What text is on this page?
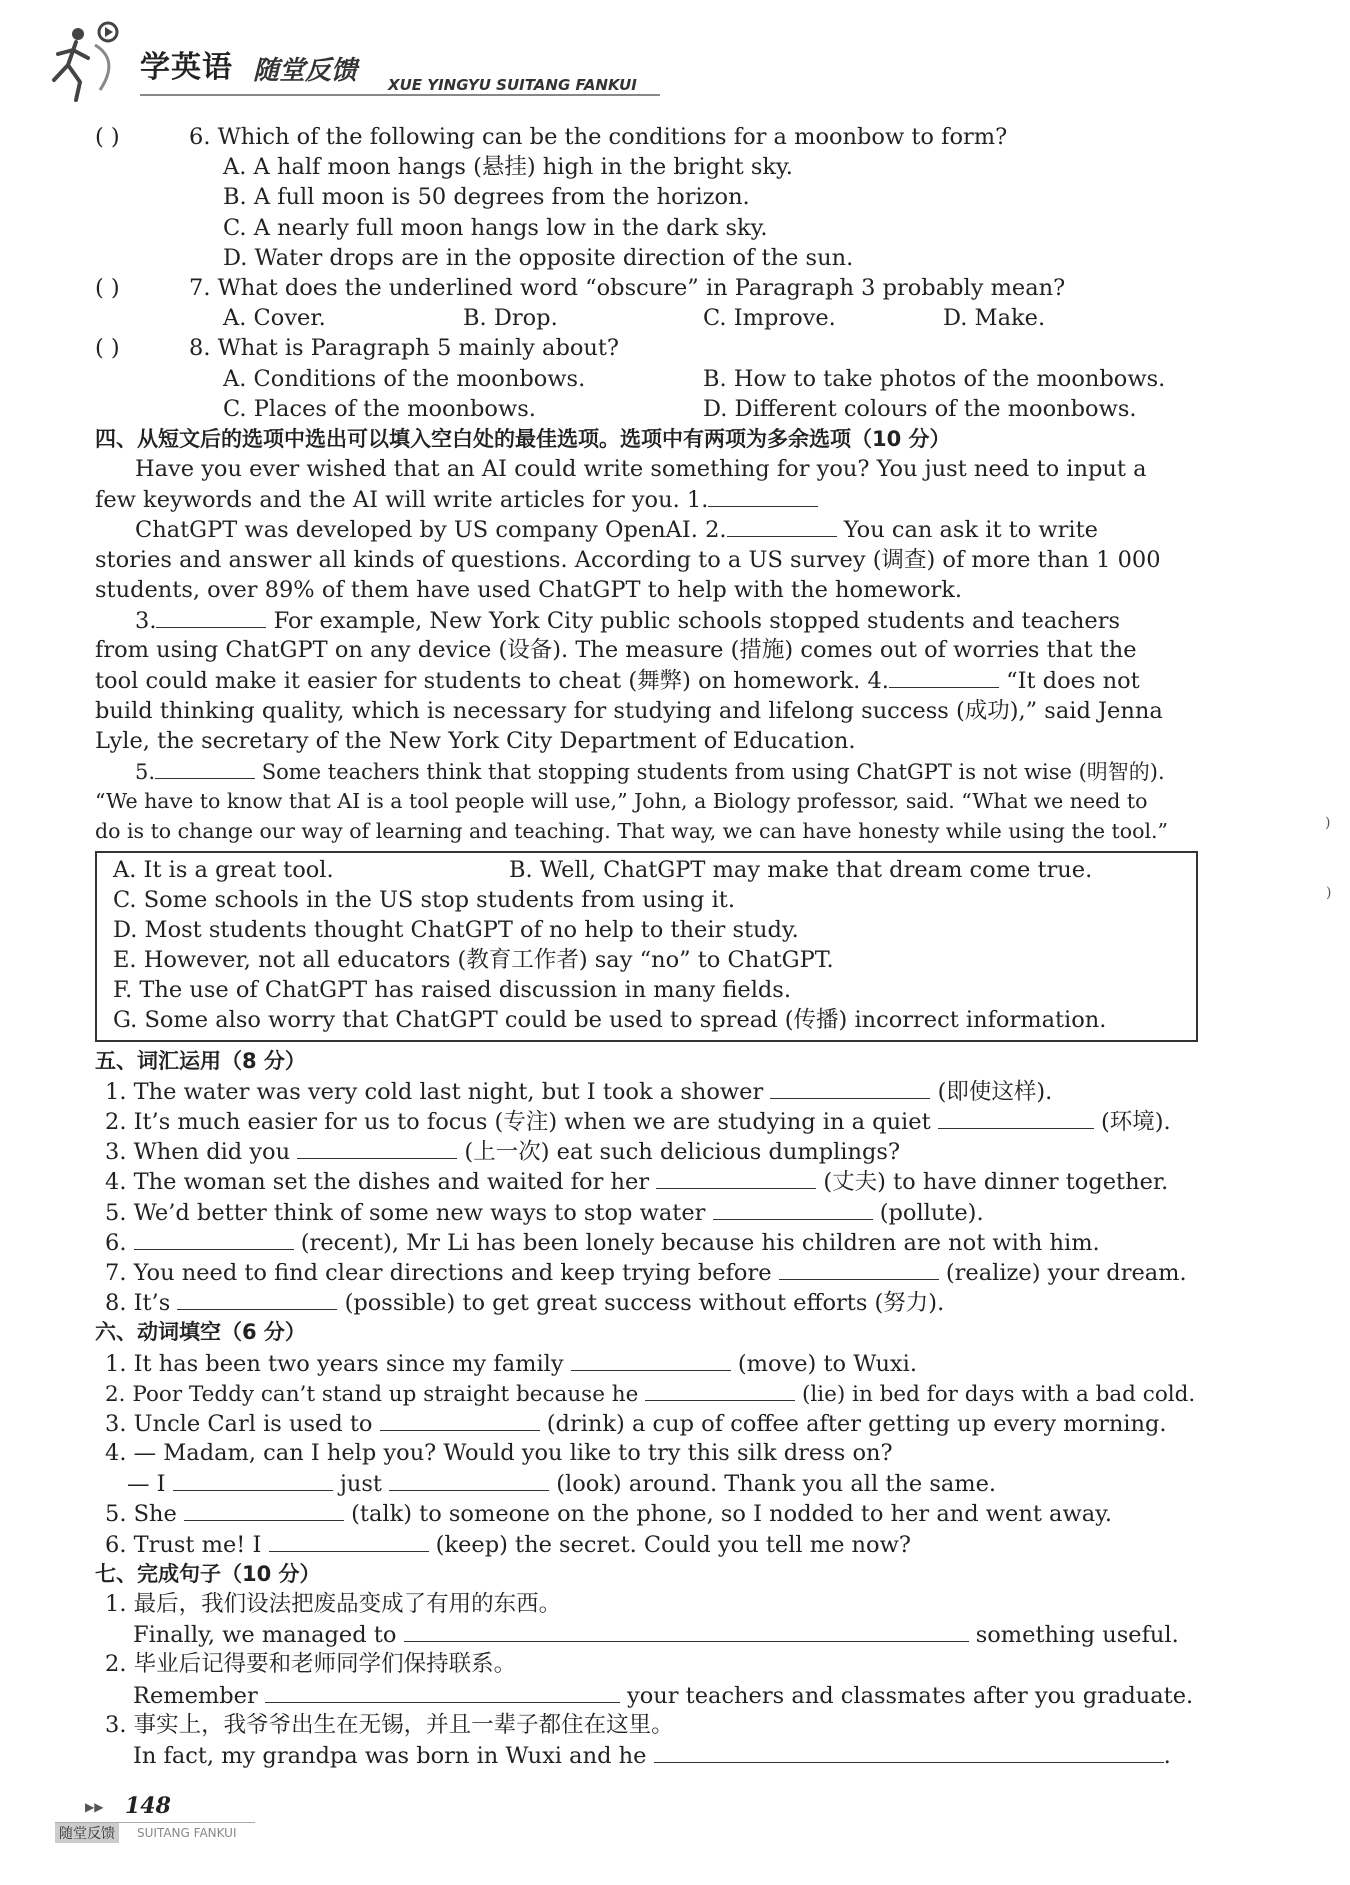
学英语 随堂反馈 XUE YINGYU SUITANG FANKUI
( )	6. Which of the following can be the conditions for a moonbow to form?
A. A half moon hangs (悬挂) high in the bright sky.
B. A full moon is 50 degrees from the horizon.
C. A nearly full moon hangs low in the dark sky.
D. Water drops are in the opposite direction of the sun.
( )	7. What does the underlined word “obscure” in Paragraph 3 probably mean?
A. Cover.	B. Drop.	C. Improve.	D. Make.
( )	8. What is Paragraph 5 mainly about?
A. Conditions of the moonbows.	B. How to take photos of the moonbows.
C. Places of the moonbows.	D. Different colours of the moonbows.
四、从短文后的选项中选出可以填入空白处的最佳选项。选项中有两项为多余选项（10 分）
Have you ever wished that an AI could write something for you? You just need to input a
few keywords and the AI will write articles for you. 1.
ChatGPT was developed by US company OpenAI. 2.	You can ask it to write
stories and answer all kinds of questions. According to a US survey (调查) of more than 1 000
students, over 89% of them have used ChatGPT to help with the homework.
3.	For example, New York City public schools stopped students and teachers
from using ChatGPT on any device (设备). The measure (措施) comes out of worries that the
tool could make it easier for students to cheat (舞弊) on homework. 4.	“It does not
build thinking quality, which is necessary for studying and lifelong success (成功),” said Jenna
Lyle, the secretary of the New York City Department of Education.
5.	Some teachers think that stopping students from using ChatGPT is not wise (明智的).
“We have to know that AI is a tool people will use,” John, a Biology professor, said. “What we need to
do is to change our way of learning and teaching. That way, we can have honesty while using the tool.”
A. It is a great tool.	B. Well, ChatGPT may make that dream come true.
C. Some schools in the US stop students from using it.
D. Most students thought ChatGPT of no help to their study.
E. However, not all educators (教育工作者) say “no” to ChatGPT.
F. The use of ChatGPT has raised discussion in many fields.
G. Some also worry that ChatGPT could be used to spread (传播) incorrect information.
五、词汇运用（8 分）
1. The water was very cold last night, but I took a shower	(即使这样).
2. It’s much easier for us to focus (专注) when we are studying in a quiet	(环境).
3. When did you	(上一次) eat such delicious dumplings?
4. The woman set the dishes and waited for her	(丈夫) to have dinner together.
5. We’d better think of some new ways to stop water	(pollute).
6.	(recent), Mr Li has been lonely because his children are not with him.
7. You need to find clear directions and keep trying before	(realize) your dream.
8. It’s	(possible) to get great success without efforts (努力).
六、动词填空（6 分）
1. It has been two years since my family	(move) to Wuxi.
2. Poor Teddy can’t stand up straight because he	(lie) in bed for days with a bad cold.
3. Uncle Carl is used to	(drink) a cup of coffee after getting up every morning.
4. — Madam, can I help you? Would you like to try this silk dress on?
— I	just	(look) around. Thank you all the same.
5. She	(talk) to someone on the phone, so I nodded to her and went away.
6. Trust me! I	(keep) the secret. Could you tell me now?
七、完成句子（10 分）
1. 最后，我们设法把废品变成了有用的东西。
Finally, we managed to	something useful.
2. 毕业后记得要和老师同学们保持联系。
Remember	your teachers and classmates after you graduate.
3. 事实上，我爷爷出生在无锡，并且一辈子都住在这里。
In fact, my grandpa was born in Wuxi and he	.
)
)
▶▶ 148
随堂反馈	SUITANG FANKUI
